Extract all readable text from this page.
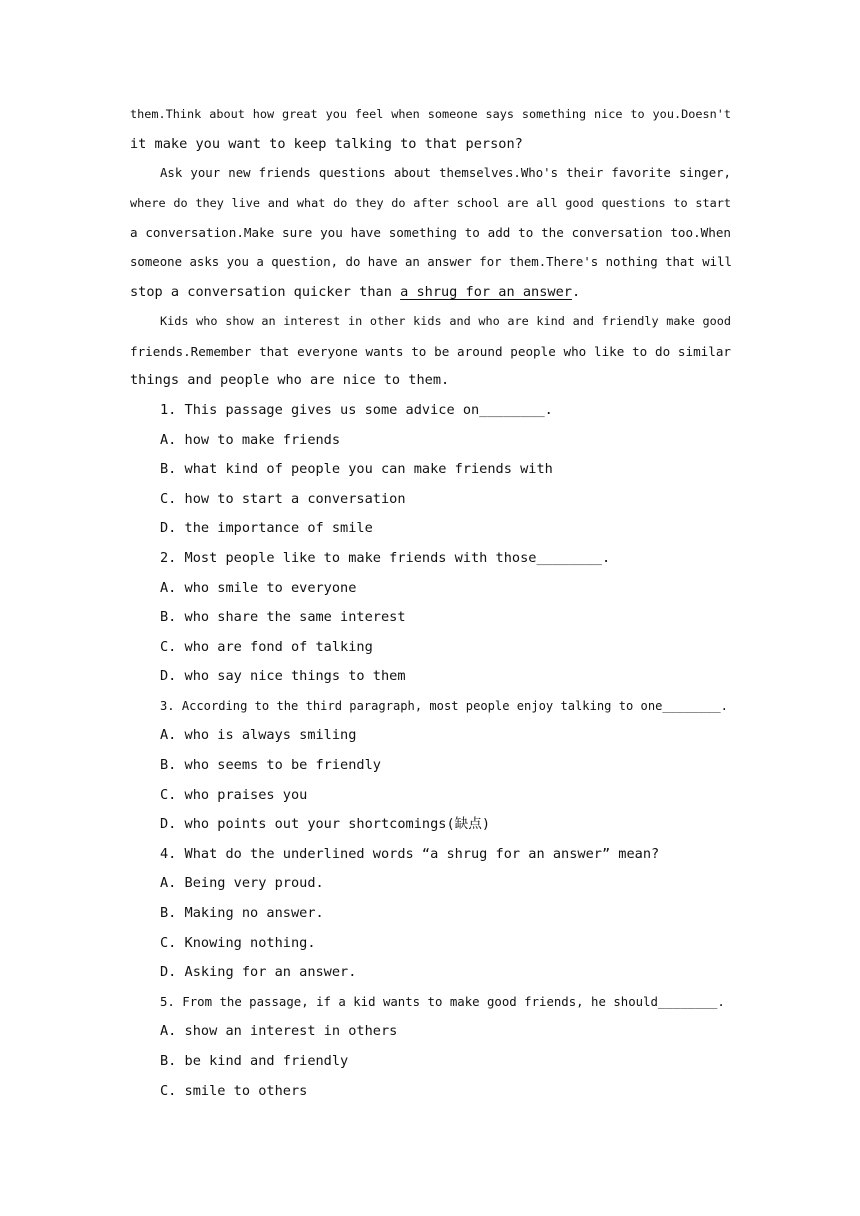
them.Think about how great you feel when someone says something nice to you.Doesn't
it make you want to keep talking to that person?
Ask your new friends questions about themselves.Who's their favorite singer,
where do they live and what do they do after school are all good questions to start
a conversation.Make sure you have something to add to the conversation too.When
someone asks you a question, do have an answer for them.There's nothing that will
stop a conversation quicker than a shrug for an answer.
Kids who show an interest in other kids and who are kind and friendly make good
friends.Remember that everyone wants to be around people who like to do similar
things and people who are nice to them.
1. This passage gives us some advice on________.
A. how to make friends
B. what kind of people you can make friends with
C. how to start a conversation
D. the importance of smile
2. Most people like to make friends with those________.
A. who smile to everyone
B. who share the same interest
C. who are fond of talking
D. who say nice things to them
3. According to the third paragraph, most people enjoy talking to one________.
A. who is always smiling
B. who seems to be friendly
C. who praises you
D. who points out your shortcomings(缺点)
4. What do the underlined words “a shrug for an answer” mean?
A. Being very proud.
B. Making no answer.
C. Knowing nothing.
D. Asking for an answer.
5. From the passage, if a kid wants to make good friends, he should________.
A. show an interest in others
B. be kind and friendly
C. smile to others
